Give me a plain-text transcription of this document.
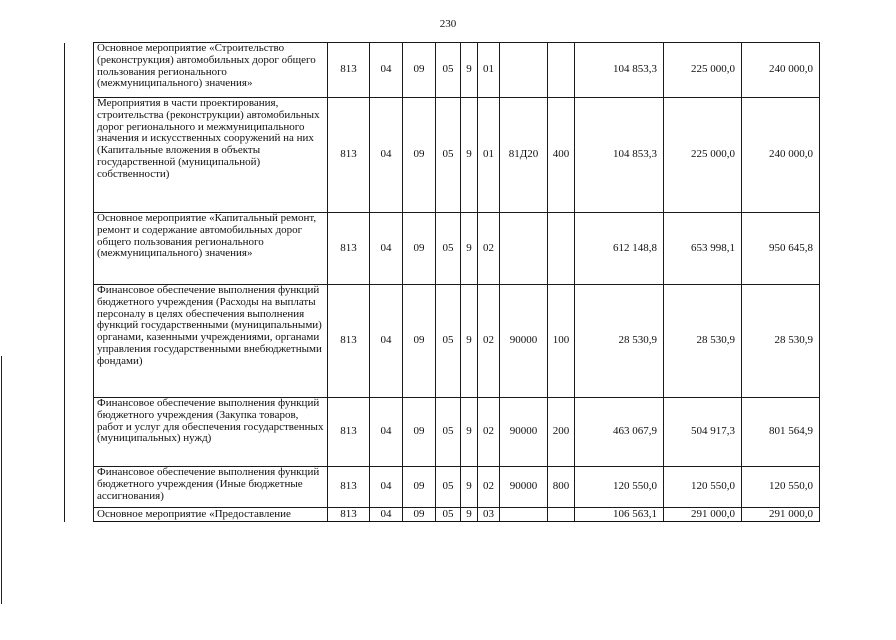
230
	Основное мероприятие «Строительство (реконструкция) автомобильных дорог общего пользования регионального (межмуниципального) значения»	813	04	09	05	9	01			104 853,3	225 000,0	240 000,0
	Мероприятия в части проектирования, строительства (реконструкции) автомобильных дорог регионального и межмуниципального значения и искусственных сооружений на них (Капитальные вложения в объекты государственной (муниципальной) собственности)	813	04	09	05	9	01	81Д20	400	104 853,3	225 000,0	240 000,0
	Основное мероприятие «Капитальный ремонт, ремонт и содержание автомобильных дорог общего пользования регионального (межмуниципального) значения»	813	04	09	05	9	02			612 148,8	653 998,1	950 645,8
	Финансовое обеспечение выполнения функций бюджетного учреждения (Расходы на выплаты персоналу в целях обеспечения выполнения функций государственными (муниципальными) органами, казенными учреждениями, органами управления государственными внебюджетными фондами)	813	04	09	05	9	02	90000	100	28 530,9	28 530,9	28 530,9
	Финансовое обеспечение выполнения функций бюджетного учреждения (Закупка товаров, работ и услуг для обеспечения государственных (муниципальных) нужд)	813	04	09	05	9	02	90000	200	463 067,9	504 917,3	801 564,9
	Финансовое обеспечение выполнения функций бюджетного учреждения (Иные бюджетные ассигнования)	813	04	09	05	9	02	90000	800	120 550,0	120 550,0	120 550,0
	Основное мероприятие «Предоставление	813	04	09	05	9	03			106 563,1	291 000,0	291 000,0
